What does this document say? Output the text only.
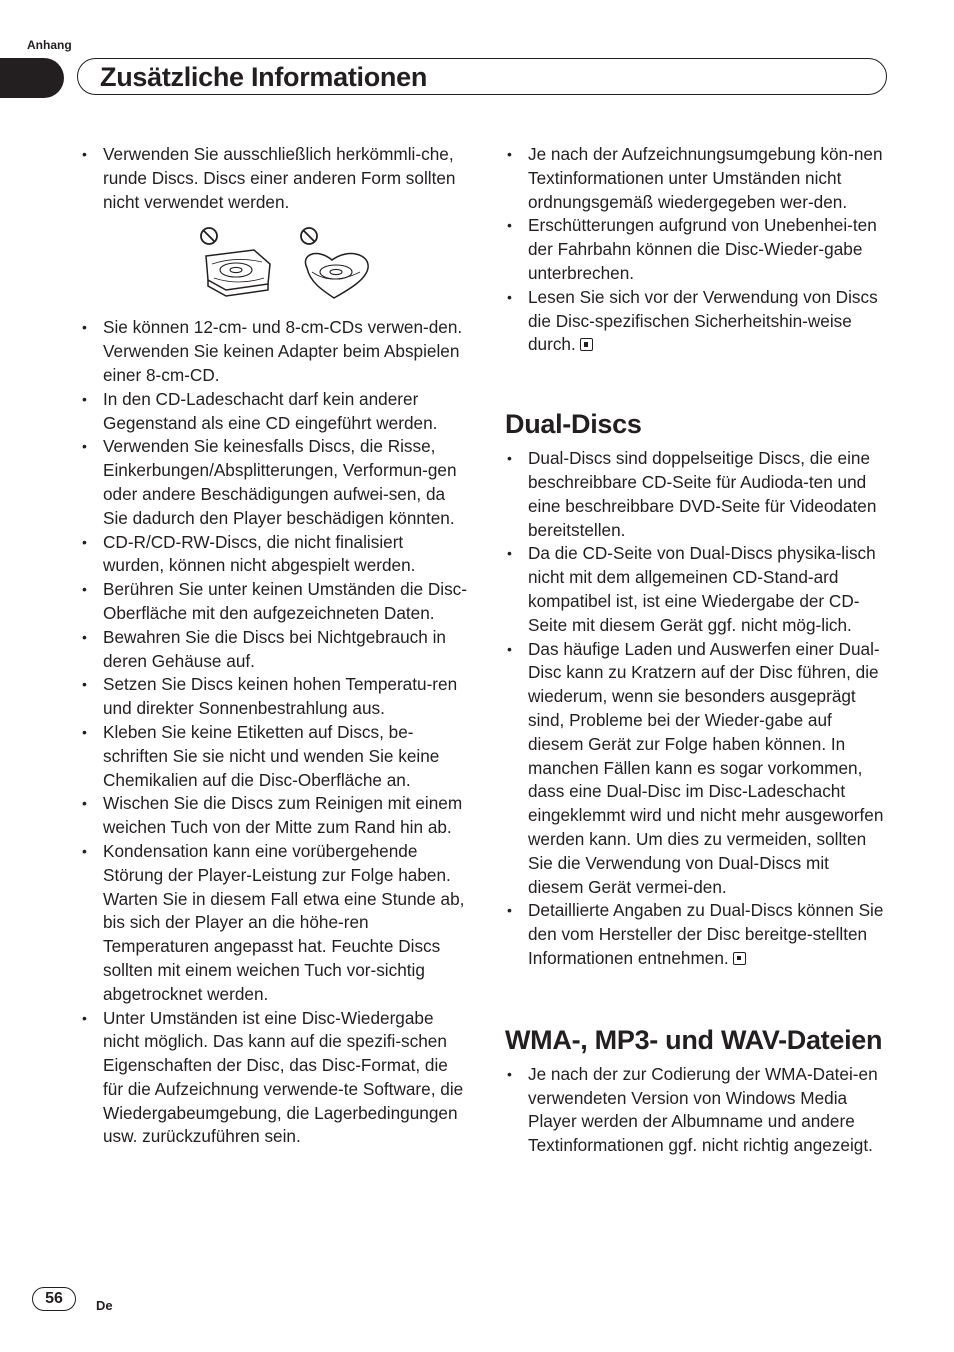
Anhang
Zusätzliche Informationen
• Verwenden Sie ausschließlich herkömmli-che, runde Discs. Discs einer anderen Form sollten nicht verwendet werden.
• Sie können 12-cm- und 8-cm-CDs verwen-den. Verwenden Sie keinen Adapter beim Abspielen einer 8-cm-CD.
• In den CD-Ladeschacht darf kein anderer Gegenstand als eine CD eingeführt werden.
• Verwenden Sie keinesfalls Discs, die Risse, Einkerbungen/Absplitterungen, Verformun-gen oder andere Beschädigungen aufwei-sen, da Sie dadurch den Player beschädigen könnten.
• CD-R/CD-RW-Discs, die nicht finalisiert wurden, können nicht abgespielt werden.
• Berühren Sie unter keinen Umständen die Disc-Oberfläche mit den aufgezeichneten Daten.
• Bewahren Sie die Discs bei Nichtgebrauch in deren Gehäuse auf.
• Setzen Sie Discs keinen hohen Temperatu-ren und direkter Sonnenbestrahlung aus.
• Kleben Sie keine Etiketten auf Discs, be-schriften Sie sie nicht und wenden Sie keine Chemikalien auf die Disc-Oberfläche an.
• Wischen Sie die Discs zum Reinigen mit einem weichen Tuch von der Mitte zum Rand hin ab.
• Kondensation kann eine vorübergehende Störung der Player-Leistung zur Folge haben. Warten Sie in diesem Fall etwa eine Stunde ab, bis sich der Player an die höhe-ren Temperaturen angepasst hat. Feuchte Discs sollten mit einem weichen Tuch vor-sichtig abgetrocknet werden.
• Unter Umständen ist eine Disc-Wiedergabe nicht möglich. Das kann auf die spezifi-schen Eigenschaften der Disc, das Disc-Format, die für die Aufzeichnung verwende-te Software, die Wiedergabeumgebung, die Lagerbedingungen usw. zurückzuführen sein.
• Je nach der Aufzeichnungsumgebung kön-nen Textinformationen unter Umständen nicht ordnungsgemäß wiedergegeben wer-den.
• Erschütterungen aufgrund von Unebenhei-ten der Fahrbahn können die Disc-Wieder-gabe unterbrechen.
• Lesen Sie sich vor der Verwendung von Discs die Disc-spezifischen Sicherheitshin-weise durch.
Dual-Discs
• Dual-Discs sind doppelseitige Discs, die eine beschreibbare CD-Seite für Audioda-ten und eine beschreibbare DVD-Seite für Videodaten bereitstellen.
• Da die CD-Seite von Dual-Discs physika-lisch nicht mit dem allgemeinen CD-Stand-ard kompatibel ist, ist eine Wiedergabe der CD-Seite mit diesem Gerät ggf. nicht mög-lich.
• Das häufige Laden und Auswerfen einer Dual-Disc kann zu Kratzern auf der Disc führen, die wiederum, wenn sie besonders ausgeprägt sind, Probleme bei der Wieder-gabe auf diesem Gerät zur Folge haben können. In manchen Fällen kann es sogar vorkommen, dass eine Dual-Disc im Disc-Ladeschacht eingeklemmt wird und nicht mehr ausgeworfen werden kann. Um dies zu vermeiden, sollten Sie die Verwendung von Dual-Discs mit diesem Gerät vermei-den.
• Detaillierte Angaben zu Dual-Discs können Sie den vom Hersteller der Disc bereitge-stellten Informationen entnehmen.
WMA-, MP3- und WAV-Dateien
• Je nach der zur Codierung der WMA-Datei-en verwendeten Version von Windows Media Player werden der Albumname und andere Textinformationen ggf. nicht richtig angezeigt.
56	De
